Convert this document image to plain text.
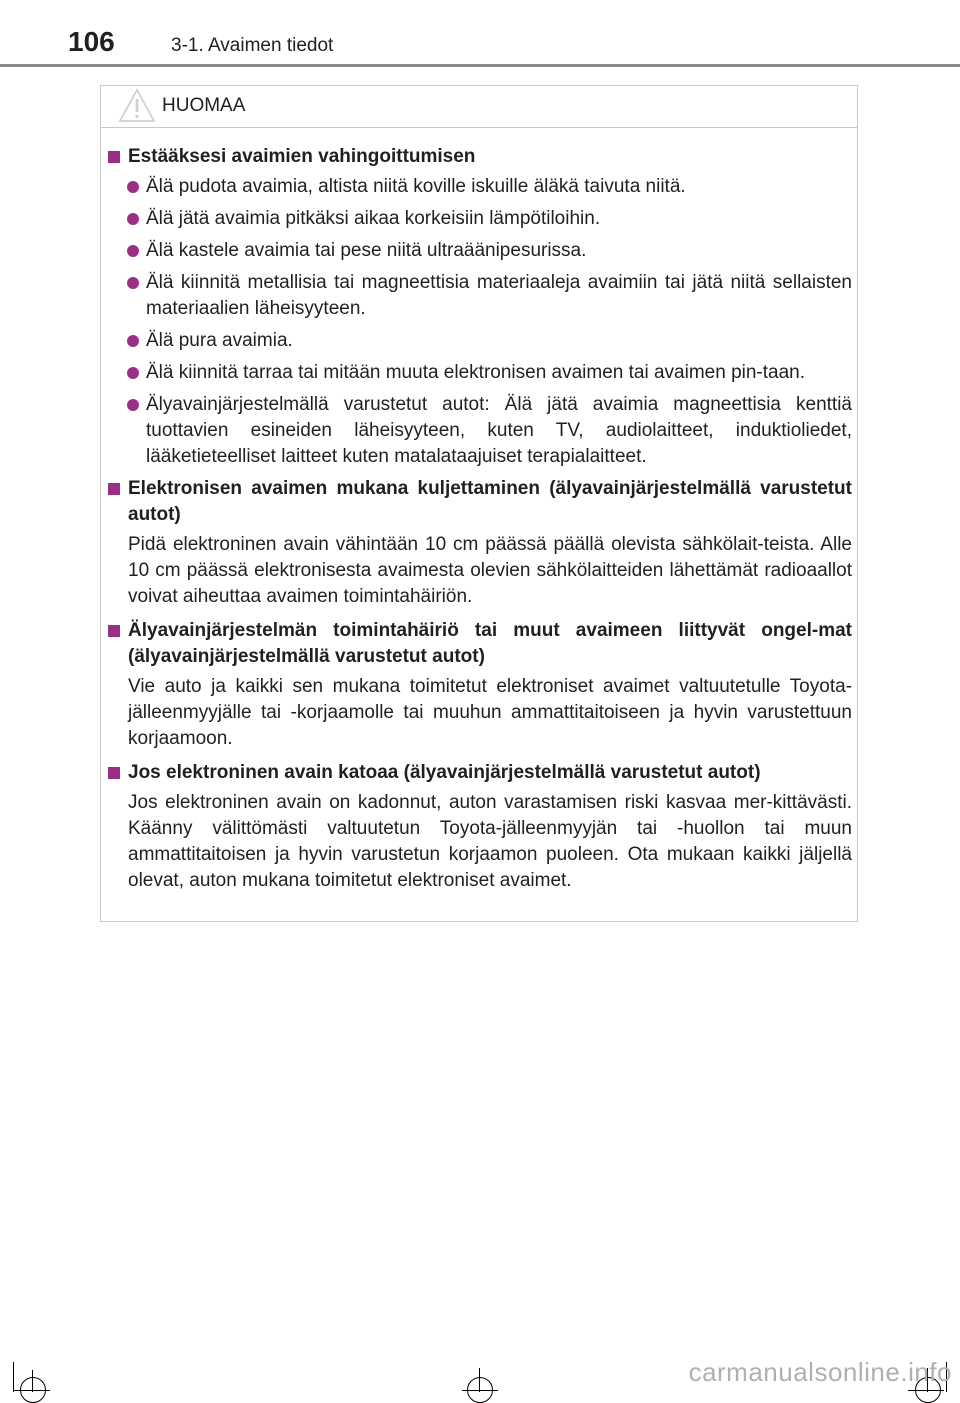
106	3-1. Avaimen tiedot
HUOMAA
Estääksesi avaimien vahingoittumisen
Älä pudota avaimia, altista niitä koville iskuille äläkä taivuta niitä.
Älä jätä avaimia pitkäksi aikaa korkeisiin lämpötiloihin.
Älä kastele avaimia tai pese niitä ultraäänipesurissa.
Älä kiinnitä metallisia tai magneettisia materiaaleja avaimiin tai jätä niitä sellaisten materiaalien läheisyyteen.
Älä pura avaimia.
Älä kiinnitä tarraa tai mitään muuta elektronisen avaimen tai avaimen pin-taan.
Älyavainjärjestelmällä varustetut autot: Älä jätä avaimia magneettisia kenttiä tuottavien esineiden läheisyyteen, kuten TV, audiolaitteet, induktioliedet, lääketieteelliset laitteet kuten matalataajuiset terapialaitteet.
Elektronisen avaimen mukana kuljettaminen (älyavainjärjestelmällä varustetut autot)
Pidä elektroninen avain vähintään 10 cm päässä päällä olevista sähkölait-teista. Alle 10 cm päässä elektronisesta avaimesta olevien sähkölaitteiden lähettämät radioaallot voivat aiheuttaa avaimen toimintahäiriön.
Älyavainjärjestelmän toimintahäiriö tai muut avaimeen liittyvät ongel-mat (älyavainjärjestelmällä varustetut autot)
Vie auto ja kaikki sen mukana toimitetut elektroniset avaimet valtuutetulle Toyota-jälleenmyyjälle tai -korjaamolle tai muuhun ammattitaitoiseen ja hyvin varustettuun korjaamoon.
Jos elektroninen avain katoaa (älyavainjärjestelmällä varustetut autot)
Jos elektroninen avain on kadonnut, auton varastamisen riski kasvaa mer-kittävästi. Käänny välittömästi valtuutetun Toyota-jälleenmyyjän tai -huollon tai muun ammattitaitoisen ja hyvin varustetun korjaamon puoleen. Ota mukaan kaikki jäljellä olevat, auton mukana toimitetut elektroniset avaimet.
carmanualsonline.info
